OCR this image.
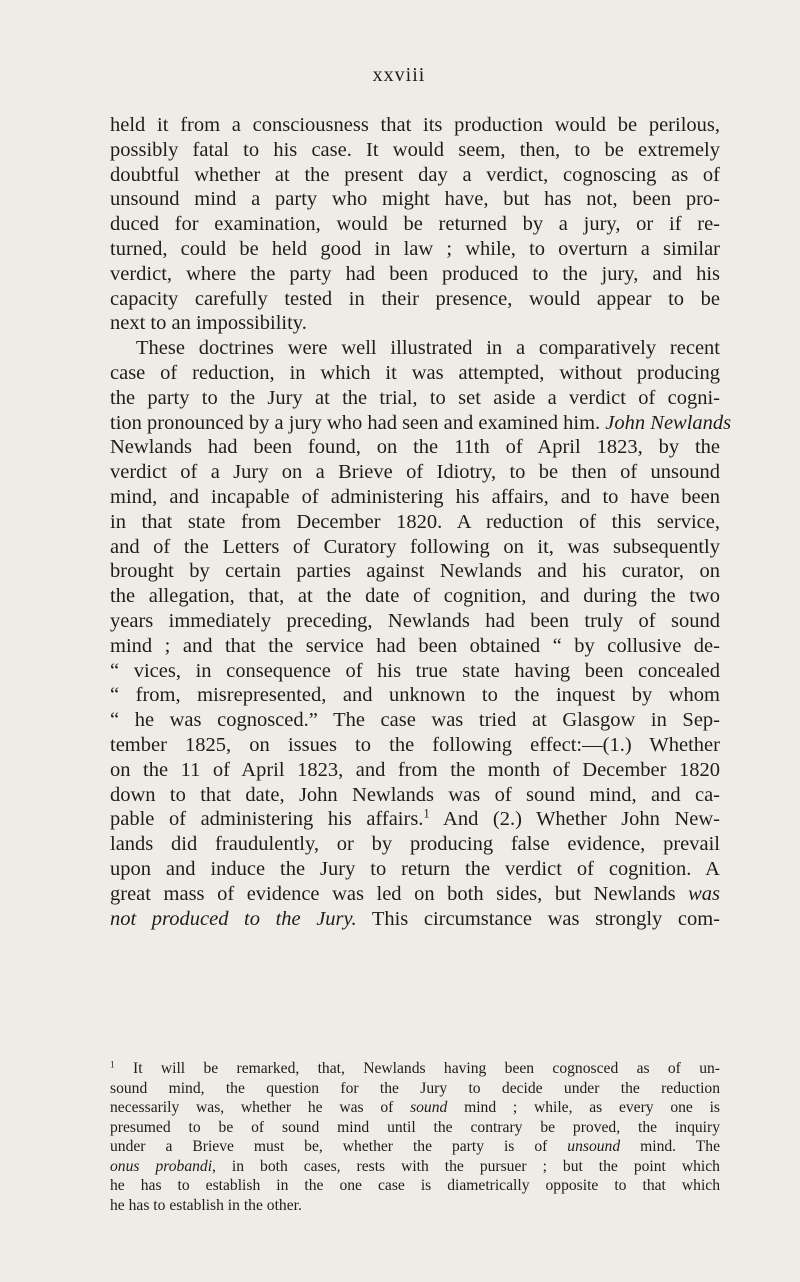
xxviii
held it from a consciousness that its production would be perilous,
possibly fatal to his case. It would seem, then, to be extremely
doubtful whether at the present day a verdict, cognoscing as of
unsound mind a party who might have, but has not, been pro-
duced for examination, would be returned by a jury, or if re-
turned, could be held good in law ; while, to overturn a similar
verdict, where the party had been produced to the jury, and his
capacity carefully tested in their presence, would appear to be
next to an impossibility.
These doctrines were well illustrated in a comparatively recent
case of reduction, in which it was attempted, without producing
the party to the Jury at the trial, to set aside a verdict of cogni-
tion pronounced by a jury who had seen and examined him. John Newlands
Newlands had been found, on the 11th of April 1823, by the
verdict of a Jury on a Brieve of Idiotry, to be then of unsound
mind, and incapable of administering his affairs, and to have been
in that state from December 1820. A reduction of this service,
and of the Letters of Curatory following on it, was subsequently
brought by certain parties against Newlands and his curator, on
the allegation, that, at the date of cognition, and during the two
years immediately preceding, Newlands had been truly of sound
mind ; and that the service had been obtained “ by collusive de-
“ vices, in consequence of his true state having been concealed
“ from, misrepresented, and unknown to the inquest by whom
“ he was cognosced.” The case was tried at Glasgow in Sep-
tember 1825, on issues to the following effect:—(1.) Whether
on the 11 of April 1823, and from the month of December 1820
down to that date, John Newlands was of sound mind, and ca-
pable of administering his affairs.$^1$ And (2.) Whether John New-
lands did fraudulently, or by producing false evidence, prevail
upon and induce the Jury to return the verdict of cognition. A
great mass of evidence was led on both sides, but Newlands was
not produced to the Jury. This circumstance was strongly com-
$^1$ It will be remarked, that, Newlands having been cognosced as of un-
sound mind, the question for the Jury to decide under the reduction
necessarily was, whether he was of sound mind ; while, as every one is
presumed to be of sound mind until the contrary be proved, the inquiry
under a Brieve must be, whether the party is of unsound mind. The
onus probandi, in both cases, rests with the pursuer ; but the point which
he has to establish in the one case is diametrically opposite to that which
he has to establish in the other.
